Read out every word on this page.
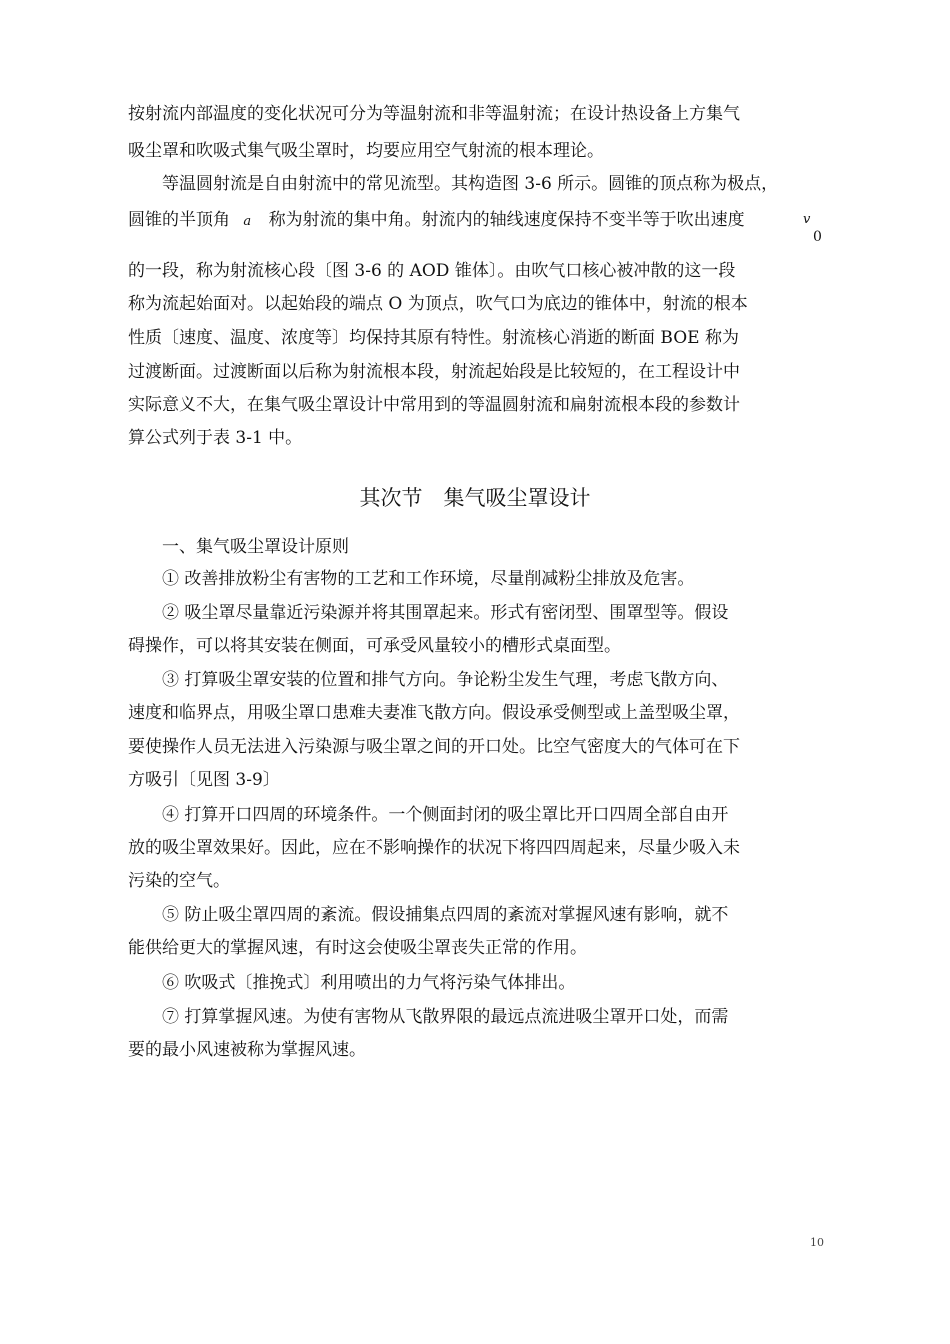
按射流内部温度的变化状况可分为等温射流和非等温射流；在设计热设备上方集气
吸尘罩和吹吸式集气吸尘罩时，均要应用空气射流的根本理论。
等温圆射流是自由射流中的常见流型。其构造图 3-6 所示。圆锥的顶点称为极点，
圆锥的半顶角 a 称为射流的集中角。射流内的轴线速度保持不变半等于吹出速度	v
0
的一段，称为射流核心段〔图 3-6 的 AOD 锥体〕。由吹气口核心被冲散的这一段
称为流起始面对。以起始段的端点 O 为顶点，吹气口为底边的锥体中，射流的根本
性质〔速度、温度、浓度等〕均保持其原有特性。射流核心消逝的断面 BOE 称为
过渡断面。过渡断面以后称为射流根本段，射流起始段是比较短的，在工程设计中
实际意义不大，在集气吸尘罩设计中常用到的等温圆射流和扁射流根本段的参数计
算公式列于表 3-1 中。
其次节　集气吸尘罩设计
一、集气吸尘罩设计原则
① 改善排放粉尘有害物的工艺和工作环境，尽量削减粉尘排放及危害。
② 吸尘罩尽量靠近污染源并将其围罩起来。形式有密闭型、围罩型等。假设
碍操作，可以将其安装在侧面，可承受风量较小的槽形式桌面型。
③ 打算吸尘罩安装的位置和排气方向。争论粉尘发生气理，考虑飞散方向、
速度和临界点，用吸尘罩口患难夫妻准飞散方向。假设承受侧型或上盖型吸尘罩，
要使操作人员无法进入污染源与吸尘罩之间的开口处。比空气密度大的气体可在下
方吸引〔见图 3-9〕
④ 打算开口四周的环境条件。一个侧面封闭的吸尘罩比开口四周全部自由开
放的吸尘罩效果好。因此，应在不影响操作的状况下将四四周起来，尽量少吸入未
污染的空气。
⑤ 防止吸尘罩四周的紊流。假设捕集点四周的紊流对掌握风速有影响，就不
能供给更大的掌握风速，有时这会使吸尘罩丧失正常的作用。
⑥ 吹吸式〔推挽式〕利用喷出的力气将污染气体排出。
⑦ 打算掌握风速。为使有害物从飞散界限的最远点流进吸尘罩开口处，而需
要的最小风速被称为掌握风速。
10
